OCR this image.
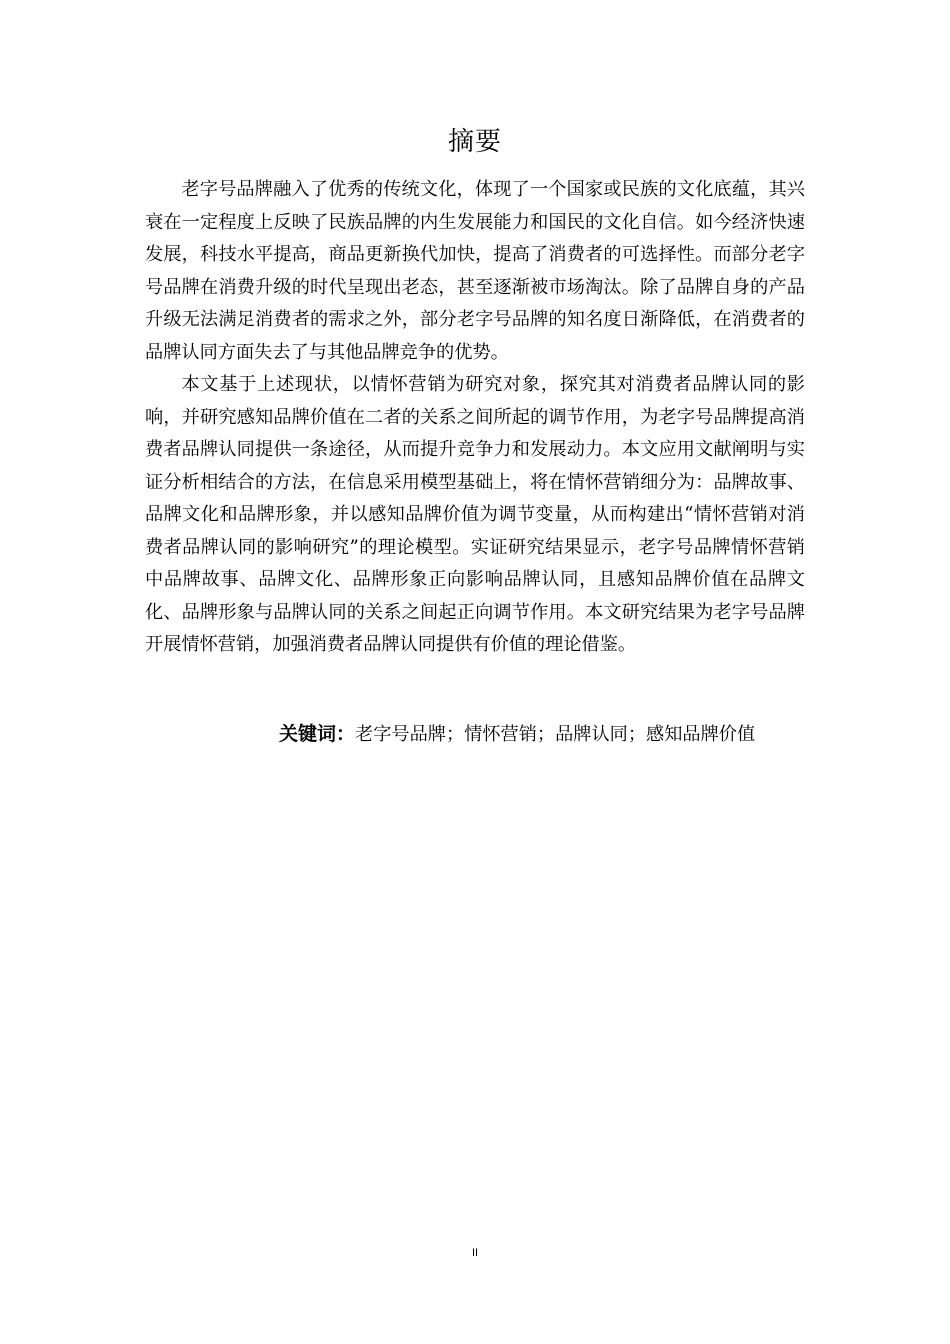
摘要

老字号品牌融入了优秀的传统文化，体现了一个国家或民族的文化底蕴，其兴衰在一定程度上反映了民族品牌的内生发展能力和国民的文化自信。如今经济快速发展，科技水平提高，商品更新换代加快，提高了消费者的可选择性。而部分老字号品牌在消费升级的时代呈现出老态，甚至逐渐被市场淘汰。除了品牌自身的产品升级无法满足消费者的需求之外，部分老字号品牌的知名度日渐降低，在消费者的品牌认同方面失去了与其他品牌竞争的优势。

本文基于上述现状，以情怀营销为研究对象，探究其对消费者品牌认同的影响，并研究感知品牌价值在二者的关系之间所起的调节作用，为老字号品牌提高消费者品牌认同提供一条途径，从而提升竞争力和发展动力。本文应用文献阐明与实证分析相结合的方法，在信息采用模型基础上，将在情怀营销细分为：品牌故事、品牌文化和品牌形象，并以感知品牌价值为调节变量，从而构建出“情怀营销对消费者品牌认同的影响研究”的理论模型。实证研究结果显示，老字号品牌情怀营销中品牌故事、品牌文化、品牌形象正向影响品牌认同，且感知品牌价值在品牌文化、品牌形象与品牌认同的关系之间起正向调节作用。本文研究结果为老字号品牌开展情怀营销，加强消费者品牌认同提供有价值的理论借鉴。

关键词：老字号品牌；情怀营销；品牌认同；感知品牌价值
II
